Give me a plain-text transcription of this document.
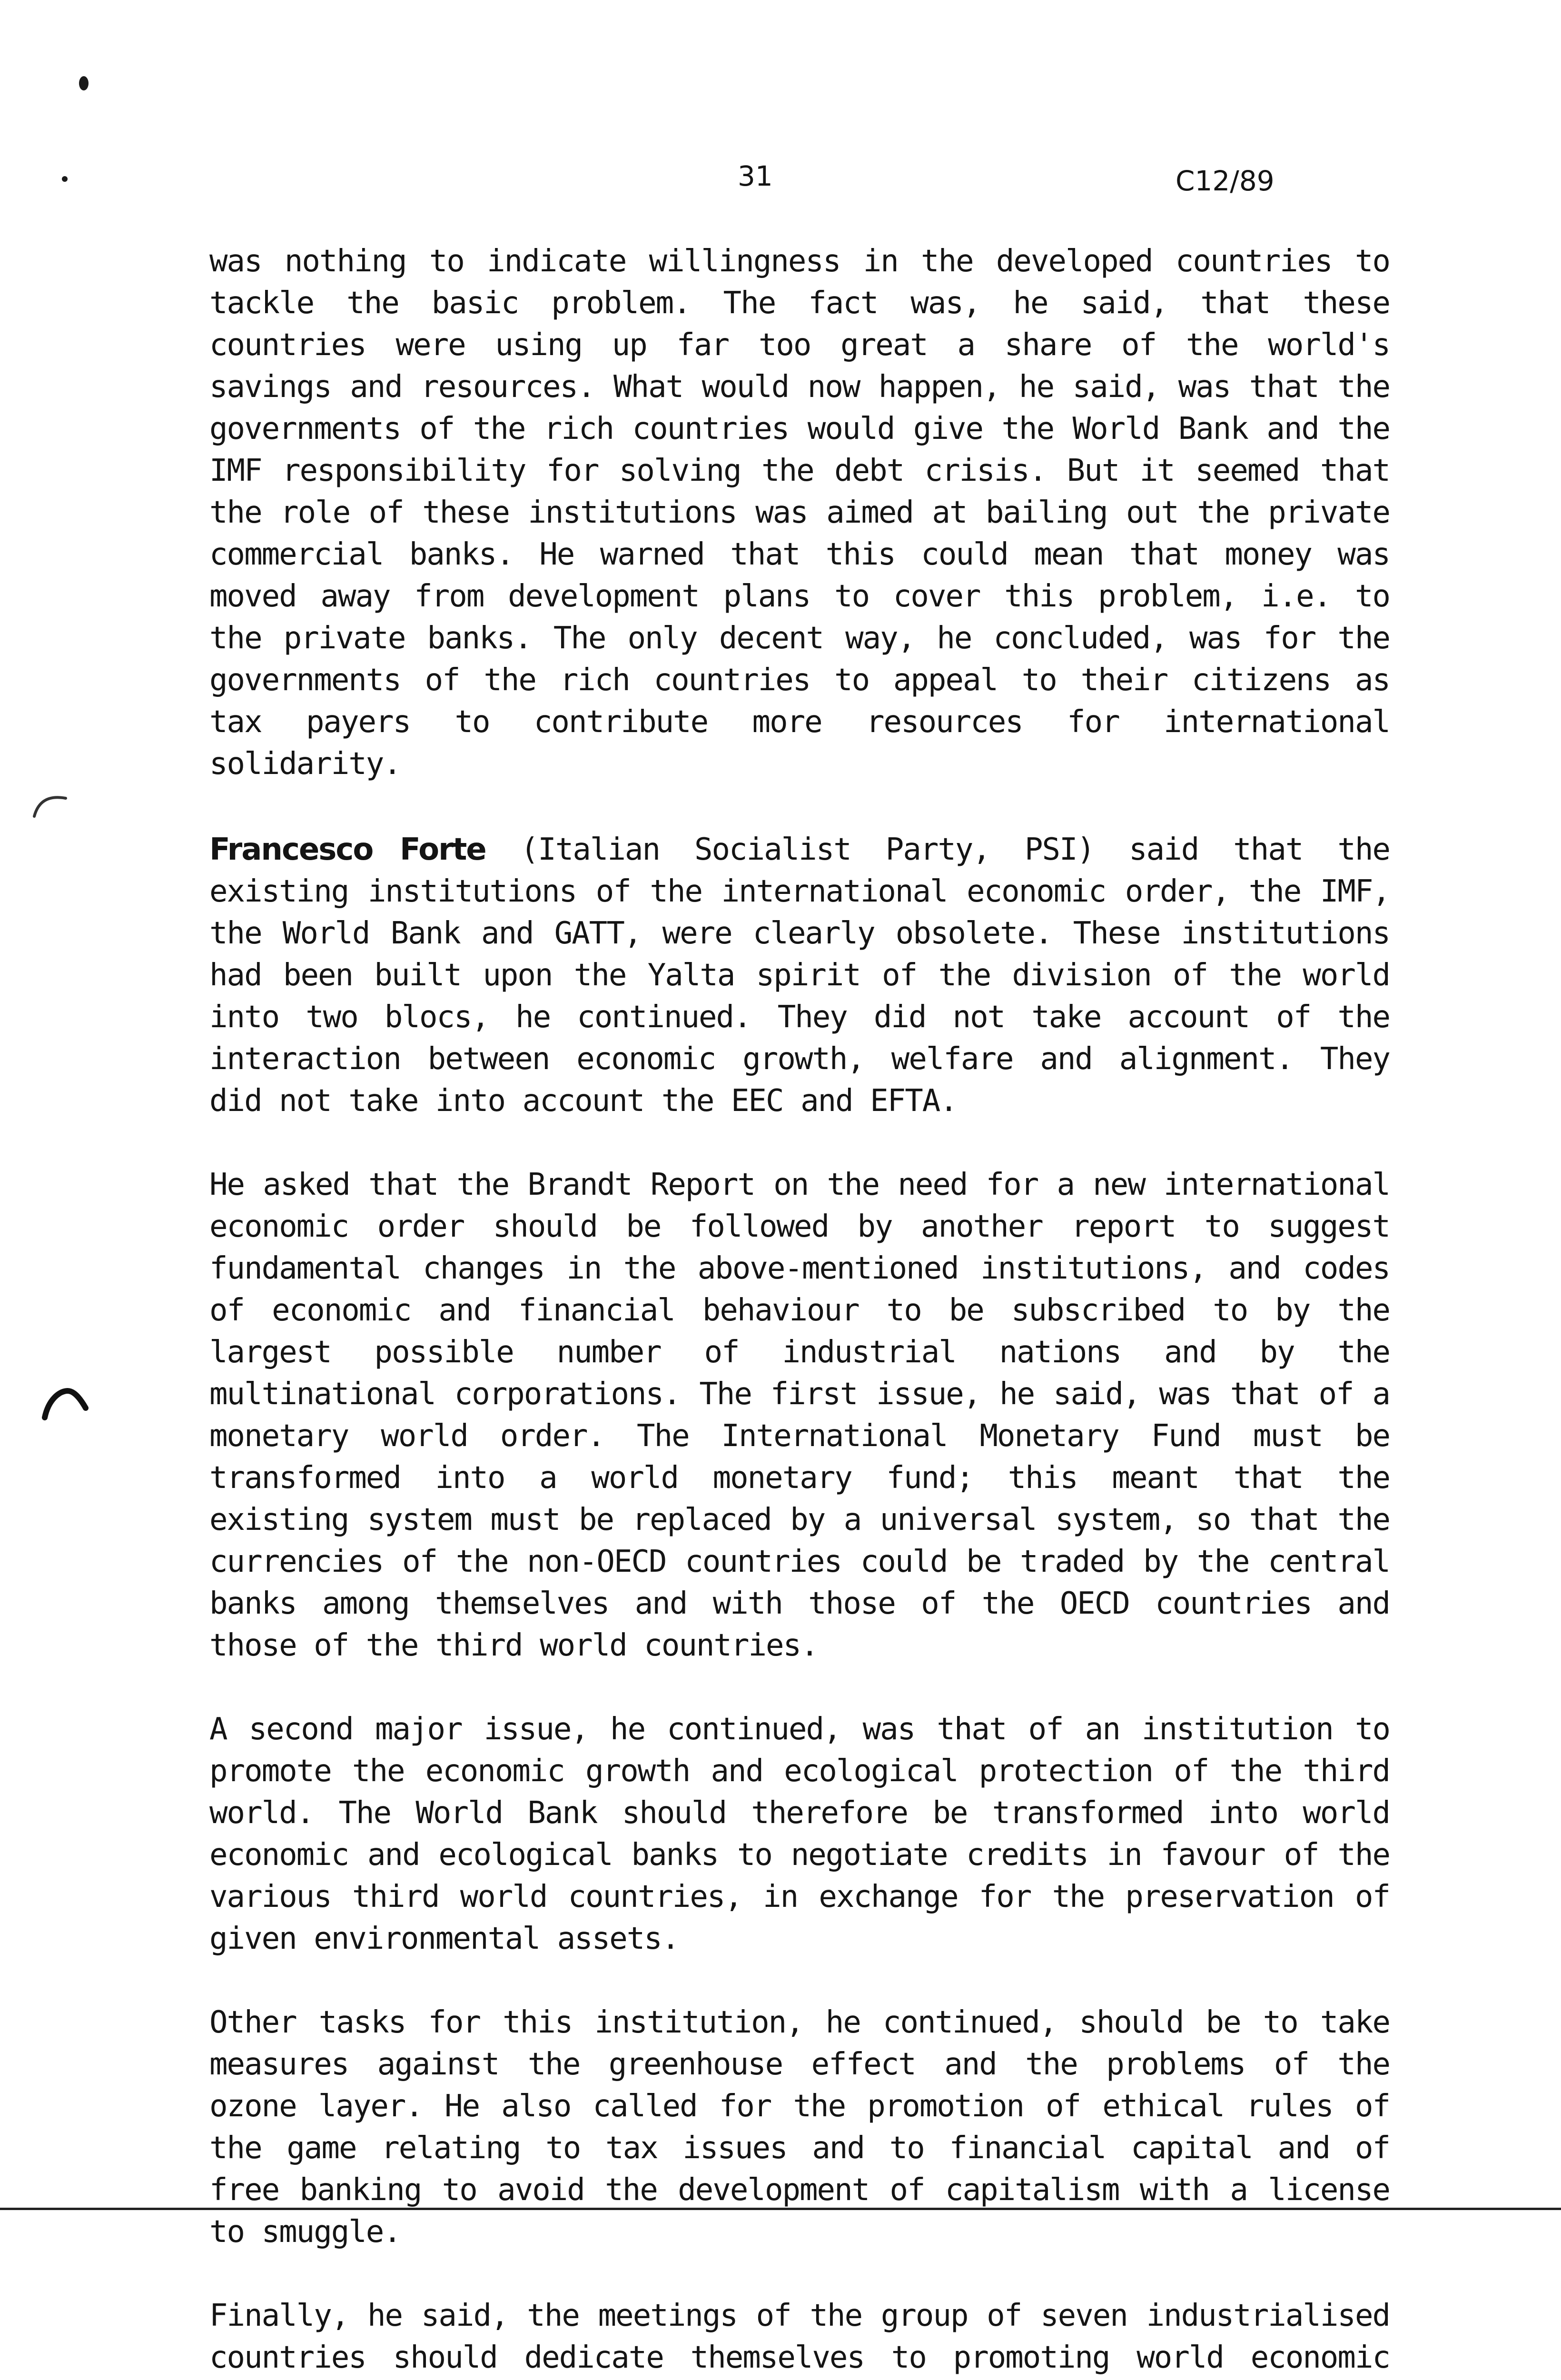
31	C12/89

was nothing to indicate willingness in the developed countries to tackle the basic problem. The fact was, he said, that these countries were using up far too great a share of the world's savings and resources. What would now happen, he said, was that the governments of the rich countries would give the World Bank and the IMF responsibility for solving the debt crisis. But it seemed that the role of these institutions was aimed at bailing out the private commercial banks. He warned that this could mean that money was moved away from development plans to cover this problem, i.e. to the private banks. The only decent way, he concluded, was for the governments of the rich countries to appeal to their citizens as tax payers to contribute more resources for international solidarity.

Francesco Forte (Italian Socialist Party, PSI) said that the existing institutions of the international economic order, the IMF, the World Bank and GATT, were clearly obsolete. These institutions had been built upon the Yalta spirit of the division of the world into two blocs, he continued. They did not take account of the interaction between economic growth, welfare and alignment. They did not take into account the EEC and EFTA.

He asked that the Brandt Report on the need for a new international economic order should be followed by another report to suggest fundamental changes in the above-mentioned institutions, and codes of economic and financial behaviour to be subscribed to by the largest possible number of industrial nations and by the multinational corporations. The first issue, he said, was that of a monetary world order. The International Monetary Fund must be transformed into a world monetary fund; this meant that the existing system must be replaced by a universal system, so that the currencies of the non-OECD countries could be traded by the central banks among themselves and with those of the OECD countries and those of the third world countries.

A second major issue, he continued, was that of an institution to promote the economic growth and ecological protection of the third world. The World Bank should therefore be transformed into world economic and ecological banks to negotiate credits in favour of the various third world countries, in exchange for the preservation of given environmental assets.

Other tasks for this institution, he continued, should be to take measures against the greenhouse effect and the problems of the ozone layer. He also called for the promotion of ethical rules of the game relating to tax issues and to financial capital and of free banking to avoid the development of capitalism with a license to smuggle.

Finally, he said, the meetings of the group of seven industrialised countries should dedicate themselves to promoting world economic
